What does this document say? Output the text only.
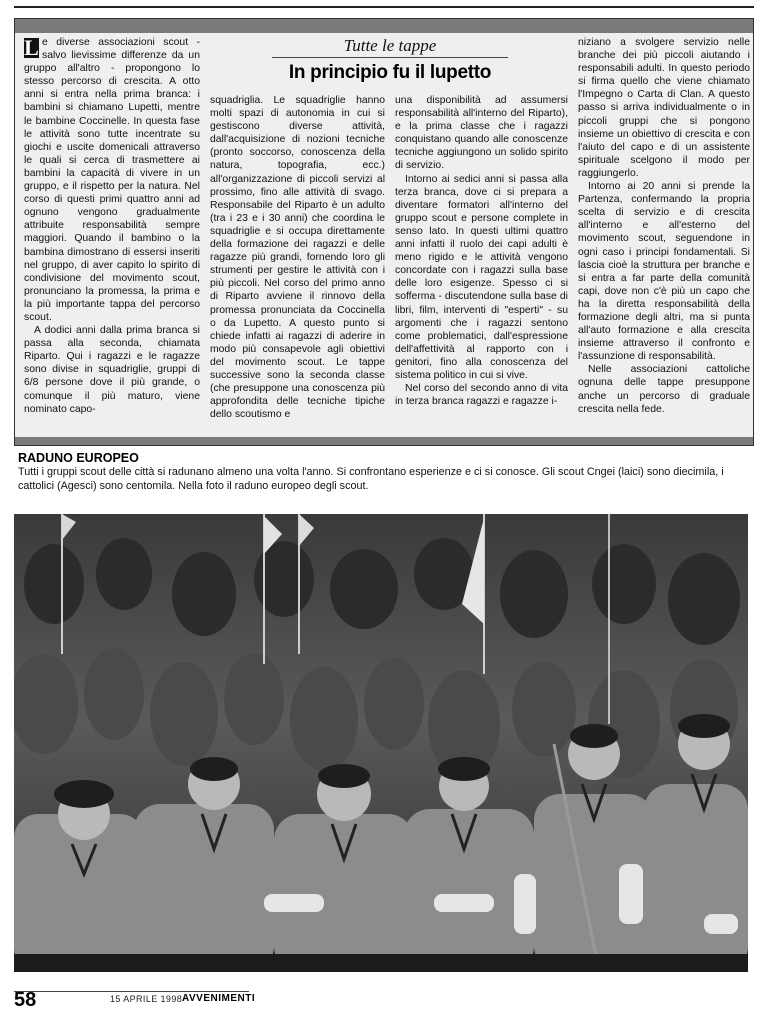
Le diverse associazioni scout - salvo lievissime differenze da un gruppo all'altro - propongono lo stesso percorso di crescita. A otto anni si entra nella prima branca: i bambini si chiamano Lupetti, mentre le bambine Coccinelle. In questa fase le attività sono tutte incentrate su giochi e uscite domenicali attraverso le quali si cerca di trasmettere ai bambini la capacità di vivere in un gruppo, e il rispetto per la natura. Nel corso di questi primi quattro anni ad ognuno vengono gradualmente attribuite responsabilità sempre maggiori. Quando il bambino o la bambina dimostrano di essersi inseriti nel gruppo, di aver capito lo spirito di condivisione del movimento scout, pronunciano la promessa, la prima e la più importante tappa del percorso scout.

A dodici anni dalla prima branca si passa alla seconda, chiamata Riparto. Qui i ragazzi e le ragazze sono divise in squadriglie, gruppi di 6/8 persone dove il più grande, o comunque il più maturo, viene nominato capo-

Tutte le tappe
In principio fu il lupetto

squadriglia. Le squadriglie hanno molti spazi di autonomia in cui si gestiscono diverse attività, dall'acquisizione di nozioni tecniche (pronto soccorso, conoscenza della natura, topografia, ecc.) all'organizzazione di piccoli servizi al prossimo, fino alle attività di svago. Responsabile del Riparto è un adulto (tra i 23 e i 30 anni) che coordina le squadriglie e si occupa direttamente della formazione dei ragazzi e delle ragazze più grandi, fornendo loro gli strumenti per gestire le attività con i più piccoli. Nel corso del primo anno di Riparto avviene il rinnovo della promessa pronunciata da Coccinella o da Lupetto. A questo punto si chiede infatti ai ragazzi di aderire in modo più consapevole agli obiettivi del movimento scout. Le tappe successive sono la seconda classe (che presuppone una conoscenza più approfondita delle tecniche tipiche dello scoutismo e

una disponibilità ad assumersi responsabilità all'interno del Riparto), e la prima classe che i ragazzi conquistano quando alle conoscenze tecniche aggiungono un solido spirito di servizio.

Intorno ai sedici anni si passa alla terza branca, dove ci si prepara a diventare formatori all'interno del gruppo scout e persone complete in senso lato. In questi ultimi quattro anni infatti il ruolo dei capi adulti è meno rigido e le attività vengono concordate con i ragazzi sulla base delle loro esigenze. Spesso ci si sofferma - discutendone sulla base di libri, film, interventi di "esperti" - su argomenti che i ragazzi sentono come problematici, dall'espressione dell'affettività al rapporto con i genitori, fino alla conoscenza del sistema politico in cui si vive.

Nel corso del secondo anno di vita in terza branca ragazzi e ragazze i-

niziano a svolgere servizio nelle branche dei più piccoli aiutando i responsabili adulti. In questo periodo si firma quello che viene chiamato l'Impegno o Carta di Clan. A questo passo si arriva individualmente o in piccoli gruppi che si pongono insieme un obiettivo di crescita e con l'aiuto del capo e di un assistente spirituale scelgono il modo per raggiungerlo.

Intorno ai 20 anni si prende la Partenza, confermando la propria scelta di servizio e di crescita all'interno e all'esterno del movimento scout, seguendone in ogni caso i principi fondamentali. Si lascia cioè la struttura per branche e si entra a far parte della comunità capi, dove non c'è più un capo che ha la diretta responsabilità della formazione degli altri, ma si punta all'auto formazione e alla crescita insieme attraverso il confronto e l'assunzione di responsabilità.

Nelle associazioni cattoliche ognuna delle tappe presuppone anche un percorso di graduale crescita nella fede.

RADUNO EUROPEO

Tutti i gruppi scout delle città si radunano almeno una volta l'anno. Si confrontano esperienze e ci si conosce. Gli scout Cngei (laici) sono diecimila, i cattolici (Agesci) sono centomila. Nella foto il raduno europeo degli scout.

58	15 APRILE 1998 AVVENIMENTI
